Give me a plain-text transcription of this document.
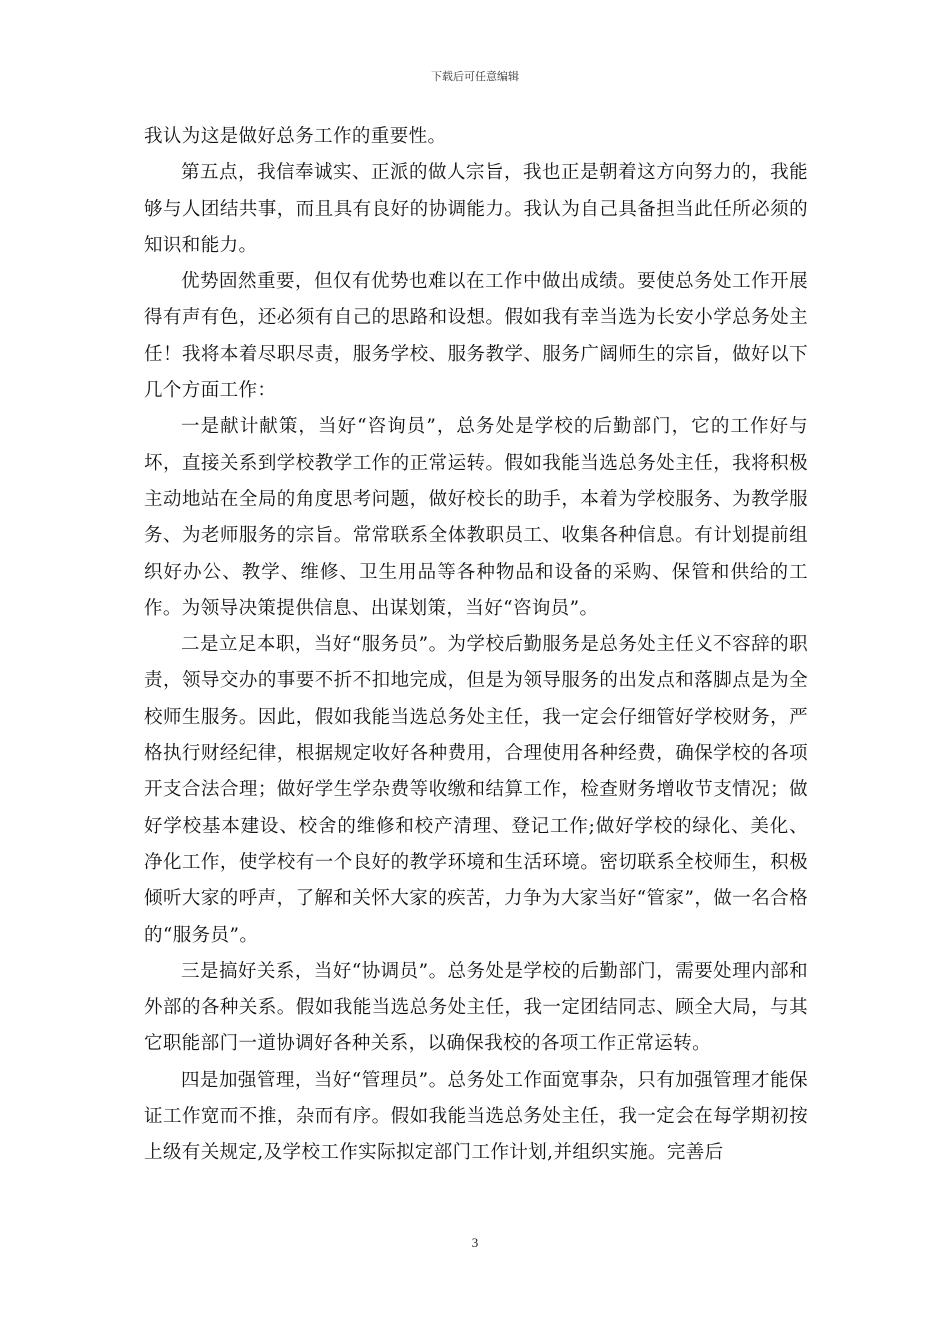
下载后可任意编辑

我认为这是做好总务工作的重要性。

第五点，我信奉诚实、正派的做人宗旨，我也正是朝着这方向努力的，我能够与人团结共事，而且具有良好的协调能力。我认为自己具备担当此任所必须的知识和能力。

优势固然重要，但仅有优势也难以在工作中做出成绩。要使总务处工作开展得有声有色，还必须有自己的思路和设想。假如我有幸当选为长安小学总务处主任！我将本着尽职尽责，服务学校、服务教学、服务广阔师生的宗旨，做好以下几个方面工作：

一是献计献策，当好“咨询员”，总务处是学校的后勤部门，它的工作好与坏，直接关系到学校教学工作的正常运转。假如我能当选总务处主任，我将积极主动地站在全局的角度思考问题，做好校长的助手，本着为学校服务、为教学服务、为老师服务的宗旨。常常联系全体教职员工、收集各种信息。有计划提前组织好办公、教学、维修、卫生用品等各种物品和设备的采购、保管和供给的工作。为领导决策提供信息、出谋划策，当好“咨询员”。

二是立足本职，当好“服务员”。为学校后勤服务是总务处主任义不容辞的职责，领导交办的事要不折不扣地完成，但是为领导服务的出发点和落脚点是为全校师生服务。因此，假如我能当选总务处主任，我一定会仔细管好学校财务，严格执行财经纪律，根据规定收好各种费用，合理使用各种经费，确保学校的各项开支合法合理；做好学生学杂费等收缴和结算工作，检查财务增收节支情况；做好学校基本建设、校舍的维修和校产清理、登记工作;做好学校的绿化、美化、净化工作，使学校有一个良好的教学环境和生活环境。密切联系全校师生，积极倾听大家的呼声，了解和关怀大家的疾苦，力争为大家当好“管家”，做一名合格的“服务员”。

三是搞好关系，当好“协调员”。总务处是学校的后勤部门，需要处理内部和外部的各种关系。假如我能当选总务处主任，我一定团结同志、顾全大局，与其它职能部门一道协调好各种关系，以确保我校的各项工作正常运转。

四是加强管理，当好“管理员”。总务处工作面宽事杂，只有加强管理才能保证工作宽而不推，杂而有序。假如我能当选总务处主任，我一定会在每学期初按上级有关规定,及学校工作实际拟定部门工作计划,并组织实施。完善后

3
